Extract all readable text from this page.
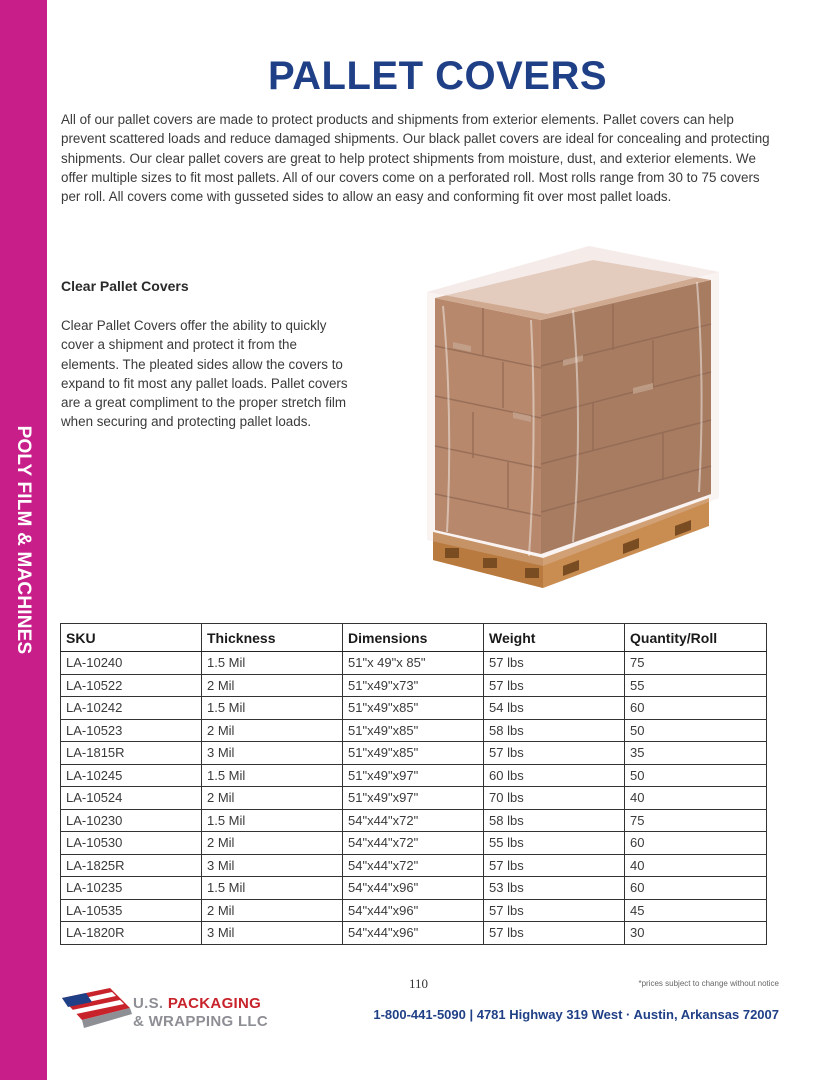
POLY FILM & MACHINES
PALLET COVERS

All of our pallet covers are made to protect products and shipments from exterior elements. Pallet covers can help prevent scattered loads and reduce damaged shipments. Our black pallet covers are ideal for concealing and protecting shipments. Our clear pallet covers are great to help protect shipments from moisture, dust, and exterior elements. We offer multiple sizes to fit most pallets. All of our covers come on a perforated roll. Most rolls range from 30 to 75 covers per roll. All covers come with gusseted sides to allow an easy and conforming fit over most pallet loads.

Clear Pallet Covers

Clear Pallet Covers offer the ability to quickly cover a shipment and protect it from the elements. The pleated sides allow the covers to expand to fit most any pallet loads. Pallet covers are a great compliment to the proper stretch film when securing and protecting pallet loads.

SKU	Thickness	Dimensions	Weight	Quantity/Roll
LA-10240	1.5 Mil	51"x 49"x 85"	57 lbs	75
LA-10522	2 Mil	51"x49"x73"	57 lbs	55
LA-10242	1.5 Mil	51"x49"x85"	54 lbs	60
LA-10523	2 Mil	51"x49"x85"	58 lbs	50
LA-1815R	3 Mil	51"x49"x85"	57 lbs	35
LA-10245	1.5 Mil	51"x49"x97"	60 lbs	50
LA-10524	2 Mil	51"x49"x97"	70 lbs	40
LA-10230	1.5 Mil	54"x44"x72"	58 lbs	75
LA-10530	2 Mil	54"x44"x72"	55 lbs	60
LA-1825R	3 Mil	54"x44"x72"	57 lbs	40
LA-10235	1.5 Mil	54"x44"x96"	53 lbs	60
LA-10535	2 Mil	54"x44"x96"	57 lbs	45
LA-1820R	3 Mil	54"x44"x96"	57 lbs	30
110	*prices subject to change without notice
U.S. PACKAGING
& WRAPPING LLC	1-800-441-5090 | 4781 Highway 319 West · Austin, Arkansas 72007
